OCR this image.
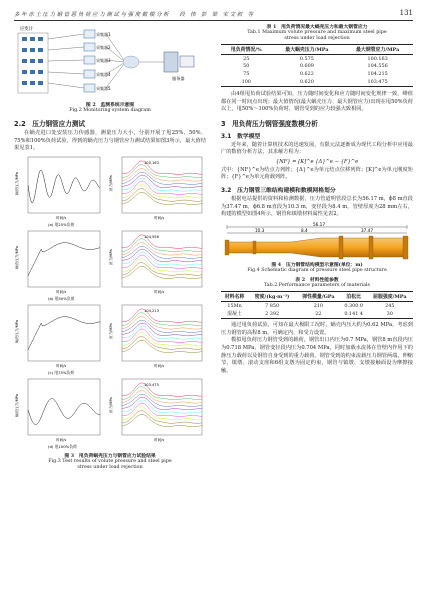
多 年 冻 土 压 力 钢 管 恶 负 荷 应 力 测 试 与 强 度 数 模 分 析　　段　伟　彭　梁　宋 文 叙　等	131
应变计
采集器1
采集器2
采集器3
采集器4
采集器5
服务器
图 2　监测系统示意图
Fig.2 Monitoring system diagram
2.2　压力钢管应力测试

在蜗壳进口处安装压力传感器，测量压力大小，分别开展了甩25%、50%、75%和100%负荷试验，得到的蜗壳压力与钢管应力测试结果如图3所示，最大值结果见表1。

蜗壳压力/MPa
时间/s
(a) 甩25%负荷
100,163
应力/MPa
时间/s
蜗壳压力/MPa
时间/s
(b) 甩50%负荷
104,556
应力/MPa
时间/s
蜗壳压力/MPa
时间/s
(c) 甩75%负荷
104,213
应力/MPa
时间/s
蜗壳压力/MPa
时间/s
(d) 甩100%负荷
103,475
应力/MPa
时间/s
图 3　甩负荷蜗壳压力与钢管应力试验结果
Fig.3 Test results of volute pressure and steel pipe
stress under load rejection
表 1　甩负荷情况最大蜗壳压力和最大钢管应力
Tab.1 Maximum volute pressure and maximum steel pipe
stress under load rejection
甩负荷情况/%	最大蜗壳压力/MPa	最大钢管应力/MPa
25	0.575	100.163
50	0.609	104.556
75	0.622	104.215
100	0.620	103.475

由4组甩负荷试验结果可知，压力随时间变化和应力随时间变化规律一致，峰值都在同一时间点出现；最大值情况(最大蜗壳压力、最大钢管应力)出现在甩50%负荷以上，甩50%～100%负荷时，钢管受到的应力较强大致相同。

3　甩负荷压力钢管强度数模分析
3.1　数学模型

近年来，随着计算机技术的迅速发展，有限元法逐渐成为现代工程分析中应用最广的数值分析方法，其求解方程为：

{NF} = [K]^e {Δ}^e − {F}^e

式中：{NF}^e为结点力列阵；{Δ}^e为单元结点位移列阵；[K]^e为单元刚度矩阵；{F}^e为单元荷载列阵。

3.2　压力钢管三维结构建模和数模网格划分

根据电站提供的资料和检测数据，压力管道明管段总长为56.17 m，ϕ8 m直段为37.47 m，ϕ6.8 m直段为10.3 m，变径段为8.4 m，管壁厚度为28 mm左右，构建的模型如图4所示，钢管和镇墩材料属性见表2。

56.17
8.4
10.3	37.47
图 4　压力钢管结构模型示意图(单位：m)
Fig.4 Schematic diagram of pressure steel pipe structure
表 2　材料性能参数
Tab.2 Performance parameters of materials
材料名称	密度/(kg·m⁻³)	弹性模量/GPa	泊松比	屈服强度/MPa
15Mn	7 850	210	0.300 0	245
混凝土	2 392	22	0.141 4	30

通过甩负荷试验，可知在最大极限工况时，蜗壳内压大约为0.62 MPa，考虑到压力钢管的高程8 m，可确定内、和受力设置。

模拟甩负荷压力钢管受到的载荷，钢管出口内压为0.7 MPa，钢管8 m直段内压为0.718 MPa，钢管变径段内压为0.704 MPa，同时加载水流体在管壁内作用下的静压力载荷以及钢管自身受到的重力载荷。钢管受到的约束流载压力钢管两端，伸缩节、镇墩、滚动支座和6组支墩为固定约束，钢管与镇墩、支墩接触面设为摩擦接触。
